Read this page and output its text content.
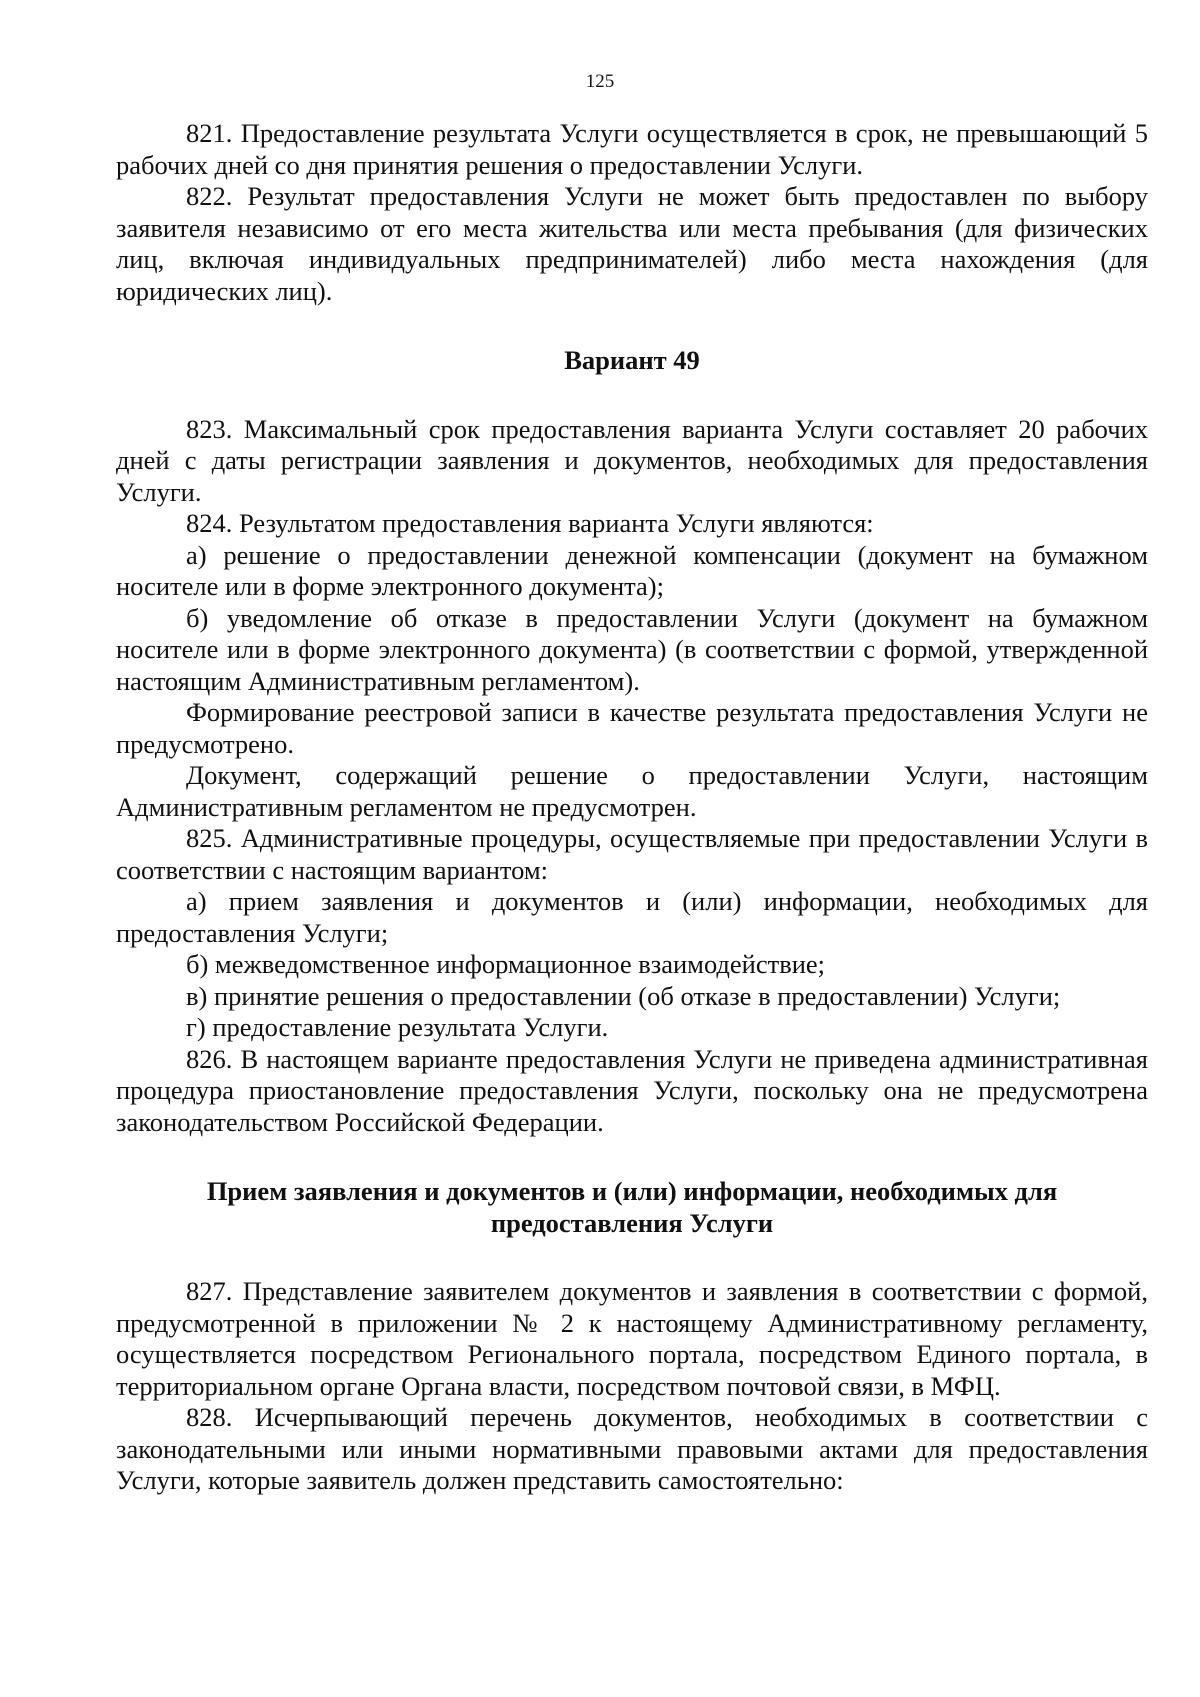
125

821. Предоставление результата Услуги осуществляется в срок, не превышающий 5 рабочих дней со дня принятия решения о предоставлении Услуги.

822. Результат предоставления Услуги не может быть предоставлен по выбору заявителя независимо от его места жительства или места пребывания (для физических лиц, включая индивидуальных предпринимателей) либо места нахождения (для юридических лиц).

Вариант 49

823. Максимальный срок предоставления варианта Услуги составляет 20 рабочих дней с даты регистрации заявления и документов, необходимых для предоставления Услуги.

824. Результатом предоставления варианта Услуги являются:

а) решение о предоставлении денежной компенсации (документ на бумажном носителе или в форме электронного документа);

б) уведомление об отказе в предоставлении Услуги (документ на бумажном носителе или в форме электронного документа) (в соответствии с формой, утвержденной настоящим Административным регламентом).

Формирование реестровой записи в качестве результата предоставления Услуги не предусмотрено.

Документ, содержащий решение о предоставлении Услуги, настоящим Административным регламентом не предусмотрен.

825. Административные процедуры, осуществляемые при предоставлении Услуги в соответствии с настоящим вариантом:

а) прием заявления и документов и (или) информации, необходимых для предоставления Услуги;

б) межведомственное информационное взаимодействие;

в) принятие решения о предоставлении (об отказе в предоставлении) Услуги;

г) предоставление результата Услуги.

826. В настоящем варианте предоставления Услуги не приведена административная процедура приостановление предоставления Услуги, поскольку она не предусмотрена законодательством Российской Федерации.

Прием заявления и документов и (или) информации, необходимых для
предоставления Услуги

827. Представление заявителем документов и заявления в соответствии с формой, предусмотренной в приложении № 2 к настоящему Административному регламенту, осуществляется посредством Регионального портала, посредством Единого портала, в территориальном органе Органа власти, посредством почтовой связи, в МФЦ.

828. Исчерпывающий перечень документов, необходимых в соответствии с законодательными или иными нормативными правовыми актами для предоставления Услуги, которые заявитель должен представить самостоятельно:
